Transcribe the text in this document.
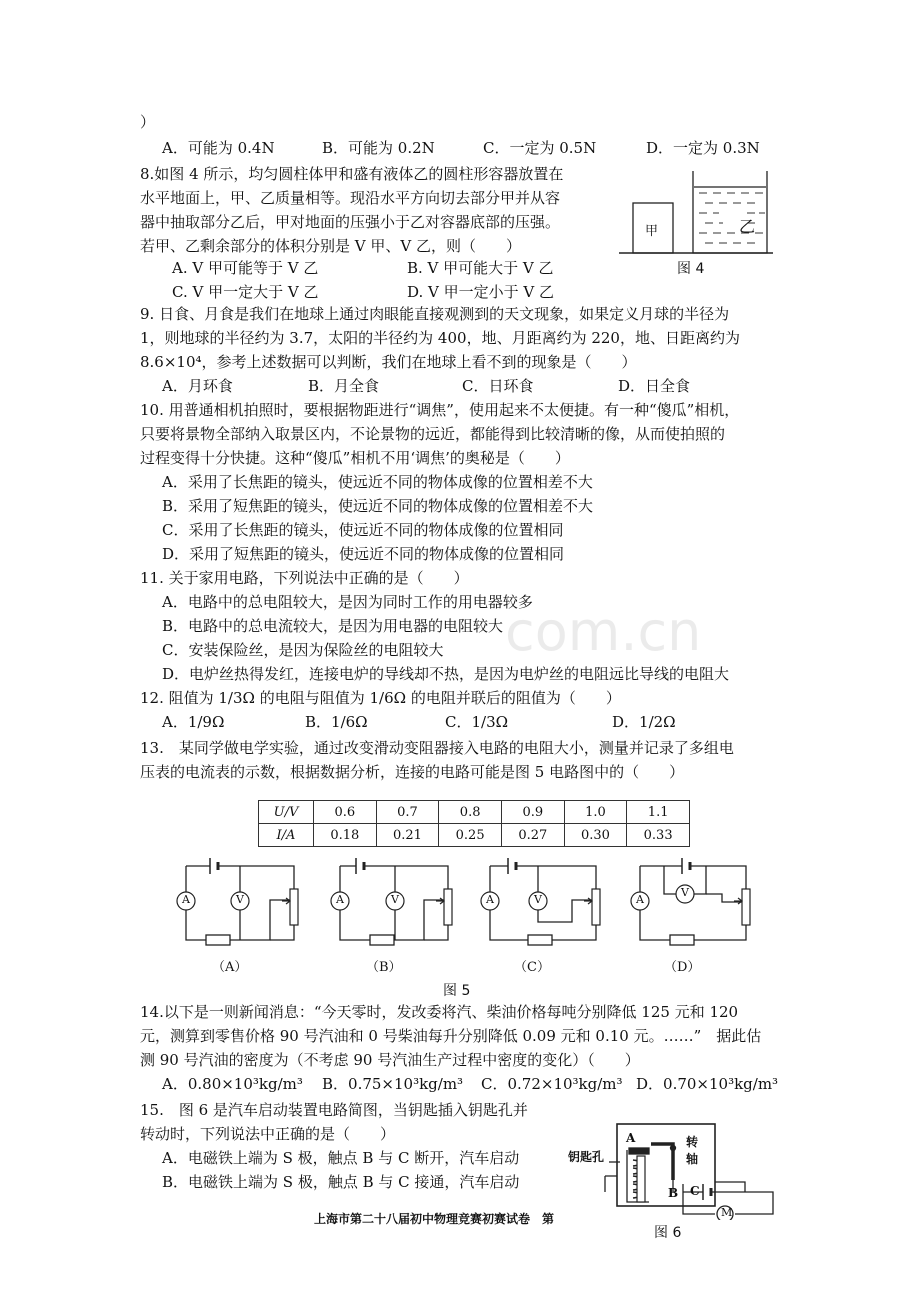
com.cn
）
A．可能为 0.4N	B．可能为 0.2N	C．一定为 0.5N	D．一定为 0.3N
8.如图 4 所示，均匀圆柱体甲和盛有液体乙的圆柱形容器放置在
水平地面上，甲、乙质量相等。现沿水平方向切去部分甲并从容
器中抽取部分乙后，甲对地面的压强小于乙对容器底部的压强。
若甲、乙剩余部分的体积分别是 V 甲、V 乙，则（　　）
A. V 甲可能等于 V 乙	B. V 甲可能大于 V 乙
C. V 甲一定大于 V 乙	D. V 甲一定小于 V 乙
甲	乙
图 4
9. 日食、月食是我们在地球上通过肉眼能直接观测到的天文现象，如果定义月球的半径为
1，则地球的半径约为 3.7，太阳的半径约为 400，地、月距离约为 220，地、日距离约为
8.6×10⁴，参考上述数据可以判断，我们在地球上看不到的现象是（　　）
A．月环食	B．月全食	C．日环食	D．日全食
10. 用普通相机拍照时，要根据物距进行“调焦”，使用起来不太便捷。有一种“傻瓜”相机，
只要将景物全部纳入取景区内，不论景物的远近，都能得到比较清晰的像，从而使拍照的
过程变得十分快捷。这种“傻瓜”相机不用‘调焦’的奥秘是（　　）
A．采用了长焦距的镜头，使远近不同的物体成像的位置相差不大
B．采用了短焦距的镜头，使远近不同的物体成像的位置相差不大
C．采用了长焦距的镜头，使远近不同的物体成像的位置相同
D．采用了短焦距的镜头，使远近不同的物体成像的位置相同
11. 关于家用电路，下列说法中正确的是（　　）
A．电路中的总电阻较大，是因为同时工作的用电器较多
B．电路中的总电流较大，是因为用电器的电阻较大
C．安装保险丝，是因为保险丝的电阻较大
D．电炉丝热得发红，连接电炉的导线却不热，是因为电炉丝的电阻远比导线的电阻大
12. 阻值为 1/3Ω 的电阻与阻值为 1/6Ω 的电阻并联后的阻值为（　　）
A．1/9Ω	B．1/6Ω	C．1/3Ω	D．1/2Ω
13.　某同学做电学实验，通过改变滑动变阻器接入电路的电阻大小，测量并记录了多组电
压表的电流表的示数，根据数据分析，连接的电路可能是图 5 电路图中的（　　）
U/V	0.6	0.7	0.8	0.9	1.0	1.1
I/A	0.18	0.21	0.25	0.27	0.30	0.33
A	V	A	V	A	V	A
V
（A）	（B）	（C）	（D）
图 5
14.以下是一则新闻消息：“今天零时，发改委将汽、柴油价格每吨分别降低 125 元和 120
元，测算到零售价格 90 号汽油和 0 号柴油每升分别降低 0.09 元和 0.10 元。……”　据此估
测 90 号汽油的密度为（不考虑 90 号汽油生产过程中密度的变化）（　　）
A．0.80×10³kg/m³ B．0.75×10³kg/m³ C．0.72×10³kg/m³ D．0.70×10³kg/m³
15.　图 6 是汽车启动装置电路简图，当钥匙插入钥匙孔并
转动时，下列说法中正确的是（　　）
A．电磁铁上端为 S 极，触点 B 与 C 断开，汽车启动
B．电磁铁上端为 S 极，触点 B 与 C 接通，汽车启动
钥匙孔
A	转
轴
B C
M
图 6
上海市第二十八届初中物理竞赛初赛试卷　第
